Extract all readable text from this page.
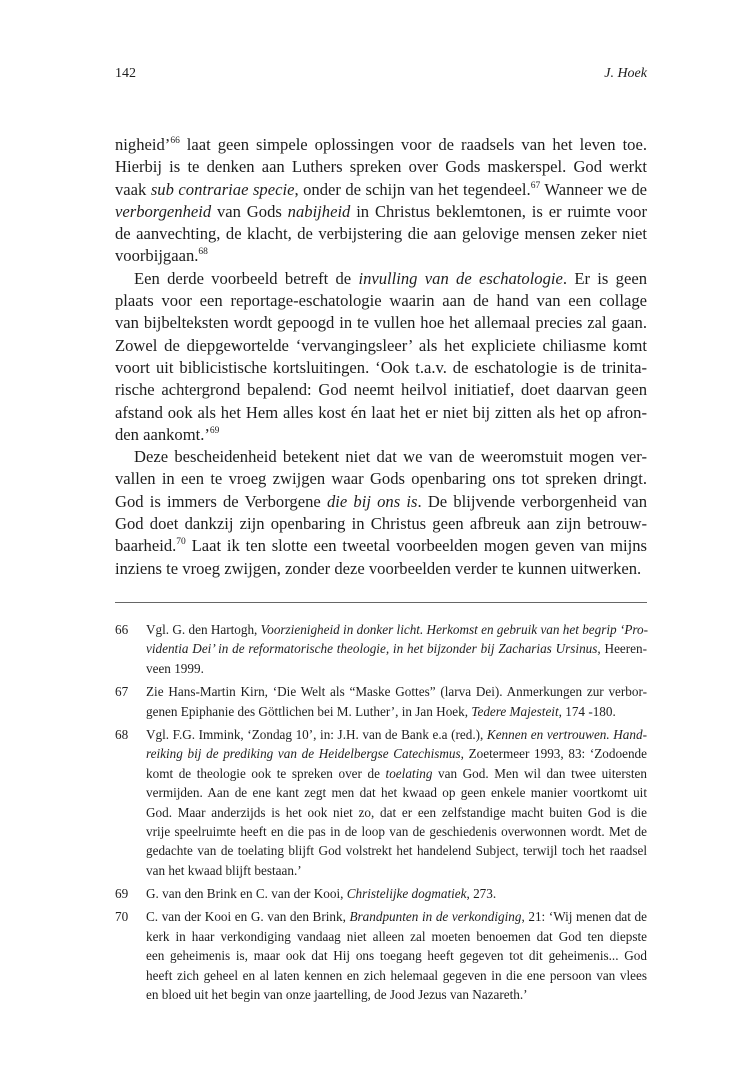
142	J. Hoek
nigheid’$^{66}$ laat geen simpele oplossingen voor de raadsels van het leven toe.
Hierbij is te denken aan Luthers spreken over Gods maskerspel. God werkt
vaak sub contrariae specie, onder de schijn van het tegendeel.$^{67}$ Wanneer we de
verborgenheid van Gods nabijheid in Christus beklemtonen, is er ruimte voor
de aanvechting, de klacht, de verbijstering die aan gelovige mensen zeker niet
voorbijgaan.$^{68}$
Een derde voorbeeld betreft de invulling van de eschatologie. Er is geen
plaats voor een reportage-eschatologie waarin aan de hand van een collage
van bijbelteksten wordt gepoogd in te vullen hoe het allemaal precies zal gaan.
Zowel de diepgewortelde ‘vervangingsleer’ als het expliciete chiliasme komt
voort uit biblicistische kortsluitingen. ‘Ook t.a.v. de eschatologie is de trinita-
rische achtergrond bepalend: God neemt heilvol initiatief, doet daarvan geen
afstand ook als het Hem alles kost én laat het er niet bij zitten als het op afron-
den aankomt.’$^{69}$
Deze bescheidenheid betekent niet dat we van de weeromstuit mogen ver-
vallen in een te vroeg zwijgen waar Gods openbaring ons tot spreken dringt.
God is immers de Verborgene die bij ons is. De blijvende verborgenheid van
God doet dankzij zijn openbaring in Christus geen afbreuk aan zijn betrouw-
baarheid.$^{70}$ Laat ik ten slotte een tweetal voorbeelden mogen geven van mijns
inziens te vroeg zwijgen, zonder deze voorbeelden verder te kunnen uitwerken.
66 Vgl. G. den Hartogh, Voorzienigheid in donker licht. Herkomst en gebruik van het begrip ‘Pro-
videntia Dei’ in de reformatorische theologie, in het bijzonder bij Zacharias Ursinus, Heeren-
veen 1999.
67 Zie Hans-Martin Kirn, ‘Die Welt als “Maske Gottes” (larva Dei). Anmerkungen zur verbor-
genen Epiphanie des Göttlichen bei M. Luther’, in Jan Hoek, Tedere Majesteit, 174 -180.
68 Vgl. F.G. Immink, ‘Zondag 10’, in: J.H. van de Bank e.a (red.), Kennen en vertrouwen. Hand-
reiking bij de prediking van de Heidelbergse Catechismus, Zoetermeer 1993, 83: ‘Zodoende
komt de theologie ook te spreken over de toelating van God. Men wil dan twee uitersten
vermijden. Aan de ene kant zegt men dat het kwaad op geen enkele manier voortkomt uit
God. Maar anderzijds is het ook niet zo, dat er een zelfstandige macht buiten God is die
vrije speelruimte heeft en die pas in de loop van de geschiedenis overwonnen wordt. Met de
gedachte van de toelating blijft God volstrekt het handelend Subject, terwijl toch het raadsel
van het kwaad blijft bestaan.’
69 G. van den Brink en C. van der Kooi, Christelijke dogmatiek, 273.
70 C. van der Kooi en G. van den Brink, Brandpunten in de verkondiging, 21: ‘Wij menen dat de
kerk in haar verkondiging vandaag niet alleen zal moeten benoemen dat God ten diepste
een geheimenis is, maar ook dat Hij ons toegang heeft gegeven tot dit geheimenis... God
heeft zich geheel en al laten kennen en zich helemaal gegeven in die ene persoon van vlees
en bloed uit het begin van onze jaartelling, de Jood Jezus van Nazareth.’
